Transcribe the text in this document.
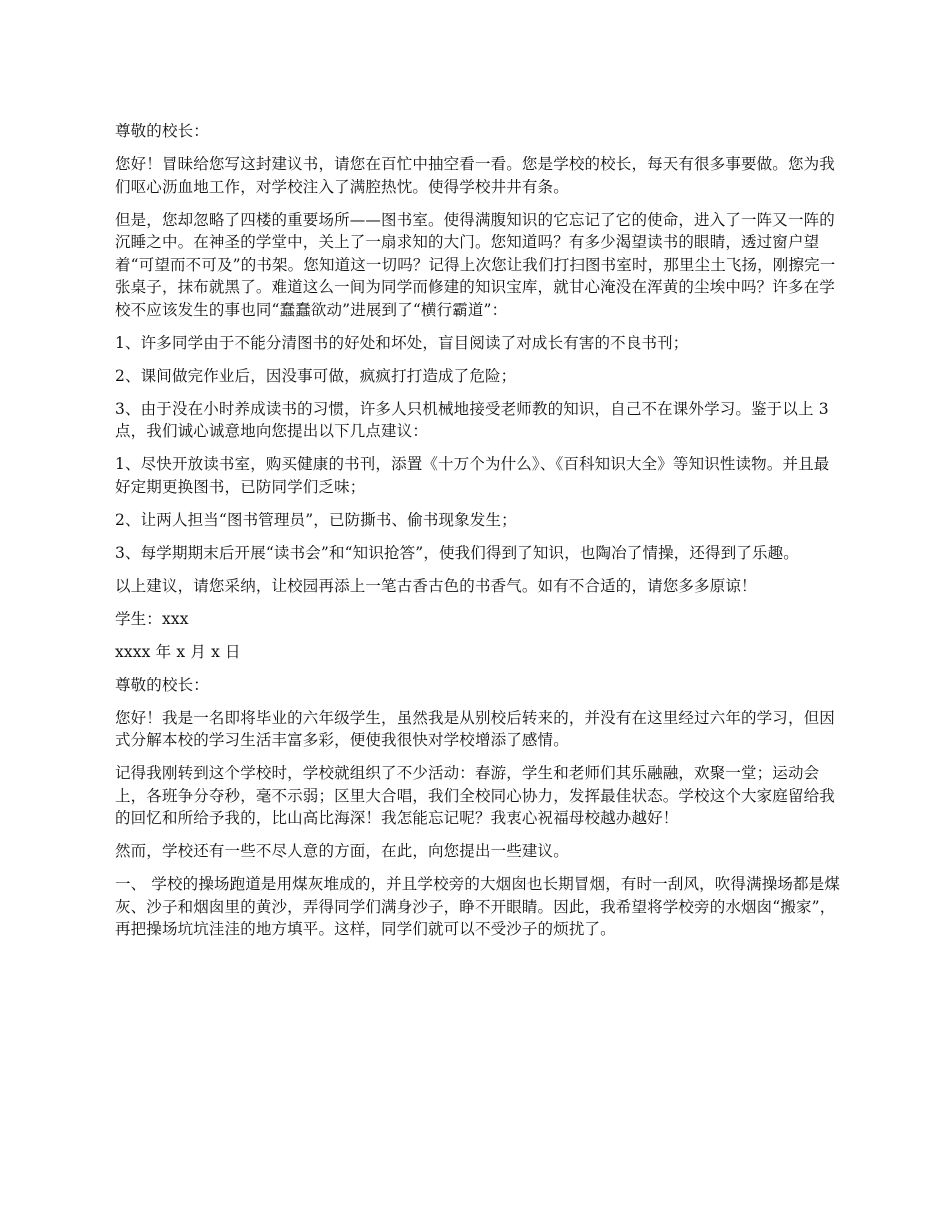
尊敬的校长：

您好！冒昧给您写这封建议书，请您在百忙中抽空看一看。您是学校的校长，每天有很多事要做。您为我们呕心沥血地工作，对学校注入了满腔热忱。使得学校井井有条。

但是，您却忽略了四楼的重要场所——图书室。使得满腹知识的它忘记了它的使命，进入了一阵又一阵的沉睡之中。在神圣的学堂中，关上了一扇求知的大门。您知道吗？有多少渴望读书的眼睛，透过窗户望着“可望而不可及”的书架。您知道这一切吗？记得上次您让我们打扫图书室时，那里尘土飞扬，刚擦完一张桌子，抹布就黑了。难道这么一间为同学而修建的知识宝库，就甘心淹没在浑黄的尘埃中吗？许多在学校不应该发生的事也同“蠢蠢欲动”进展到了“横行霸道”：

1、许多同学由于不能分清图书的好处和坏处，盲目阅读了对成长有害的不良书刊；

2、课间做完作业后，因没事可做，疯疯打打造成了危险；

3、由于没在小时养成读书的习惯，许多人只机械地接受老师教的知识，自己不在课外学习。鉴于以上 3 点，我们诚心诚意地向您提出以下几点建议：

1、尽快开放读书室，购买健康的书刊，添置《十万个为什么》、《百科知识大全》等知识性读物。并且最好定期更换图书，已防同学们乏味；

2、让两人担当“图书管理员”，已防撕书、偷书现象发生；

3、每学期期末后开展“读书会”和“知识抢答”，使我们得到了知识，也陶冶了情操，还得到了乐趣。

以上建议，请您采纳，让校园再添上一笔古香古色的书香气。如有不合适的，请您多多原谅！

学生：xxx

xxxx 年 x 月 x 日

尊敬的校长：

您好！我是一名即将毕业的六年级学生，虽然我是从别校后转来的，并没有在这里经过六年的学习，但因式分解本校的学习生活丰富多彩，便使我很快对学校增添了感情。

记得我刚转到这个学校时，学校就组织了不少活动：春游，学生和老师们其乐融融，欢聚一堂；运动会上，各班争分夺秒，毫不示弱；区里大合唱，我们全校同心协力，发挥最佳状态。学校这个大家庭留给我的回忆和所给予我的，比山高比海深！我怎能忘记呢？我衷心祝福母校越办越好！

然而，学校还有一些不尽人意的方面，在此，向您提出一些建议。

一、 学校的操场跑道是用煤灰堆成的，并且学校旁的大烟囱也长期冒烟，有时一刮风，吹得满操场都是煤灰、沙子和烟囱里的黄沙，弄得同学们满身沙子，睁不开眼睛。因此，我希望将学校旁的水烟囱“搬家”，再把操场坑坑洼洼的地方填平。这样，同学们就可以不受沙子的烦扰了。
